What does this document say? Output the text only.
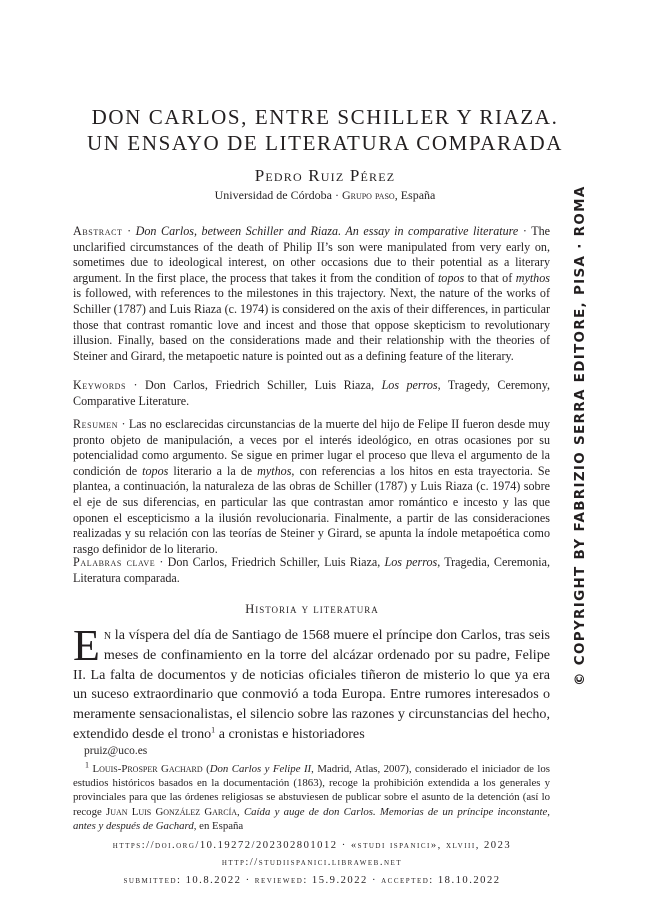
DON CARLOS, ENTRE SCHILLER Y RIAZA.
UN ENSAYO DE LITERATURA COMPARADA
Pedro Ruiz Pérez
Universidad de Córdoba · Grupo paso, España
Abstract · Don Carlos, between Schiller and Riaza. An essay in comparative literature · The unclarified circumstances of the death of Philip II’s son were manipulated from very early on, sometimes due to ideological interest, on other occasions due to their potential as a literary argument. In the first place, the process that takes it from the condition of topos to that of mythos is followed, with references to the milestones in this trajectory. Next, the nature of the works of Schiller (1787) and Luis Riaza (c. 1974) is considered on the axis of their differences, in particular those that contrast romantic love and incest and those that oppose skepticism to revolutionary illusion. Finally, based on the considerations made and their relationship with the theories of Steiner and Girard, the metapoetic nature is pointed out as a defining feature of the literary.
Keywords · Don Carlos, Friedrich Schiller, Luis Riaza, Los perros, Tragedy, Ceremony, Comparative Literature.
Resumen · Las no esclarecidas circunstancias de la muerte del hijo de Felipe II fueron desde muy pronto objeto de manipulación, a veces por el interés ideológico, en otras ocasiones por su potencialidad como argumento. Se sigue en primer lugar el proceso que lleva el argumento de la condición de topos literario a la de mythos, con referencias a los hitos en esta trayectoria. Se plantea, a continuación, la naturaleza de las obras de Schiller (1787) y Luis Riaza (c. 1974) sobre el eje de sus diferencias, en particular las que contrastan amor romántico e incesto y las que oponen el escepticismo a la ilusión revolucionaria. Finalmente, a partir de las consideraciones realizadas y su relación con las teorías de Steiner y Girard, se apunta la índole metapoética como rasgo definidor de lo literario.
Palabras clave · Don Carlos, Friedrich Schiller, Luis Riaza, Los perros, Tragedia, Ceremonia, Literatura comparada.
Historia y literatura
En la víspera del día de Santiago de 1568 muere el príncipe don Carlos, tras seis meses de confinamiento en la torre del alcázar ordenado por su padre, Felipe II. La falta de documentos y de noticias oficiales tiñeron de misterio lo que ya era un suceso extraordinario que conmovió a toda Europa. Entre rumores interesados o meramente sensacionalistas, el silencio sobre las razones y circunstancias del hecho, extendido desde el trono$^1$ a cronistas e historiadores
pruiz@uco.es
$^1$ Louis-Prosper Gachard (Don Carlos y Felipe II, Madrid, Atlas, 2007), considerado el iniciador de los estudios históricos basados en la documentación (1863), recoge la prohibición extendida a los generales y provinciales para que las órdenes religiosas se abstuviesen de publicar sobre el asunto de la detención (así lo recoge Juan Luis González García, Caída y auge de don Carlos. Memorias de un príncipe inconstante, antes y después de Gachard, en España
https://doi.org/10.19272/202302801012 · «studi ispanici», xlviii, 2023
http://studiispanici.libraweb.net
submitted: 10.8.2022 · reviewed: 15.9.2022 · accepted: 18.10.2022
© COPYRIGHT BY FABRIZIO SERRA EDITORE, PISA · ROMA
